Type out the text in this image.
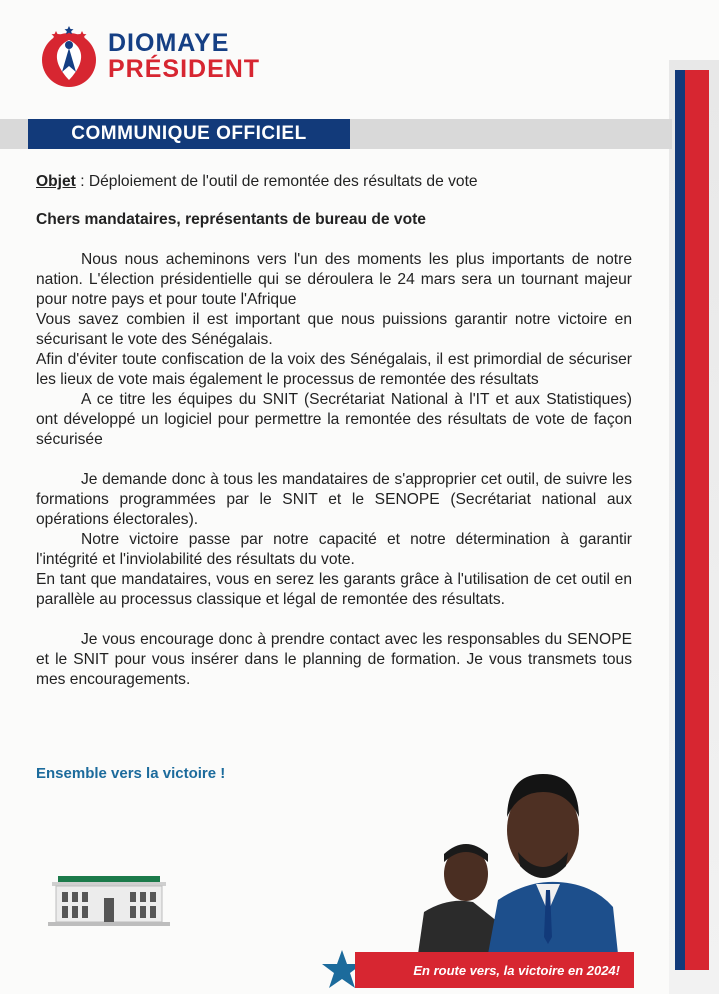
DIOMAYE
PRÉSIDENT
COMMUNIQUE OFFICIEL

Objet : Déploiement de l'outil de remontée des résultats de vote

Chers mandataires, représentants de bureau de vote

Nous nous acheminons vers l'un des moments les plus importants de notre nation. L'élection présidentielle qui se déroulera le 24 mars sera un tournant majeur pour notre pays et pour toute l'Afrique

Vous savez combien il est important que nous puissions garantir notre victoire en sécurisant le vote des Sénégalais.

Afin d'éviter toute confiscation de la voix des Sénégalais, il est primordial de sécuriser les lieux de vote mais également le processus de remontée des résultats

A ce titre les équipes du SNIT (Secrétariat National à l'IT et aux Statistiques) ont développé un logiciel pour permettre la remontée des résultats de vote de façon sécurisée

Je demande donc à tous les mandataires de s'approprier cet outil, de suivre les formations programmées par le SNIT et le SENOPE (Secrétariat national aux opérations électorales).

Notre victoire passe par notre capacité et notre détermination à garantir l'intégrité et l'inviolabilité des résultats du vote.

En tant que mandataires, vous en serez les garants grâce à l'utilisation de cet outil en parallèle au processus classique et légal de remontée des résultats.

Je vous encourage donc à prendre contact avec les responsables du SENOPE et le SNIT pour vous insérer dans le planning de formation. Je vous transmets tous mes encouragements.

Ensemble vers la victoire !
En route vers, la victoire en 2024!
